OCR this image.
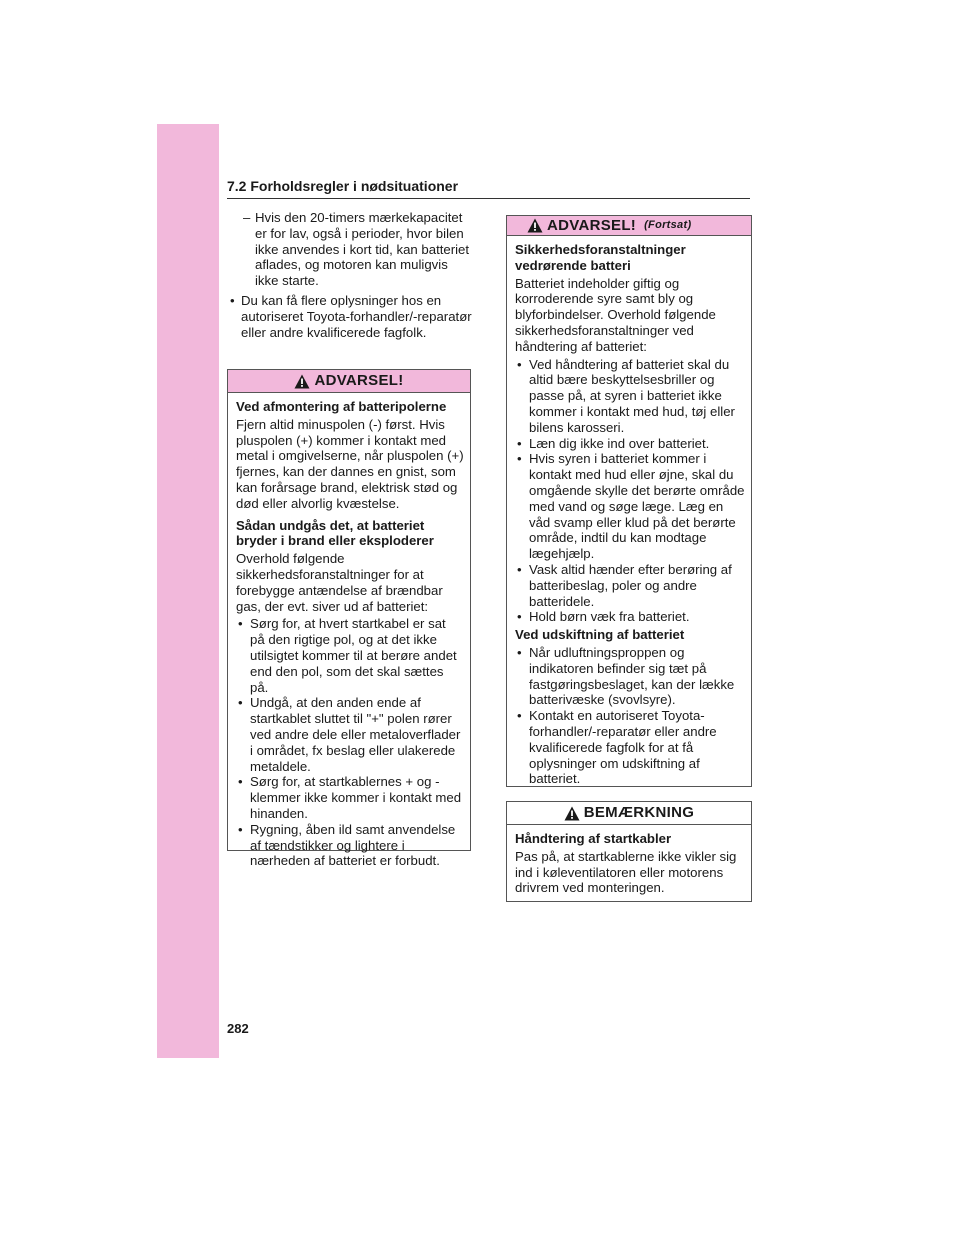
7.2 Forholdsregler i nødsituationer
– Hvis den 20-timers mærkekapacitet er for lav, også i perioder, hvor bilen ikke anvendes i kort tid, kan batteriet aflades, og motoren kan muligvis ikke starte.
• Du kan få flere oplysninger hos en autoriseret Toyota-forhandler/-reparatør eller andre kvalificerede fagfolk.
ADVARSEL!
Ved afmontering af batteripolerne
Fjern altid minuspolen (-) først. Hvis pluspolen (+) kommer i kontakt med metal i omgivelserne, når pluspolen (+) fjernes, kan der dannes en gnist, som kan forårsage brand, elektrisk stød og død eller alvorlig kvæstelse.
Sådan undgås det, at batteriet bryder i brand eller eksploderer
Overhold følgende sikkerhedsforanstaltninger for at forebygge antændelse af brændbar gas, der evt. siver ud af batteriet:
• Sørg for, at hvert startkabel er sat på den rigtige pol, og at det ikke utilsigtet kommer til at berøre andet end den pol, som det skal sættes på.
• Undgå, at den anden ende af startkablet sluttet til "+" polen rører ved andre dele eller metaloverflader i området, fx beslag eller ulakerede metaldele.
• Sørg for, at startkablernes + og - klemmer ikke kommer i kontakt med hinanden.
• Rygning, åben ild samt anvendelse af tændstikker og lightere i nærheden af batteriet er forbudt.
ADVARSEL! (Fortsat)
Sikkerhedsforanstaltninger vedrørende batteri
Batteriet indeholder giftig og korroderende syre samt bly og blyforbindelser. Overhold følgende sikkerhedsforanstaltninger ved håndtering af batteriet:
• Ved håndtering af batteriet skal du altid bære beskyttelsesbriller og passe på, at syren i batteriet ikke kommer i kontakt med hud, tøj eller bilens karosseri.
• Læn dig ikke ind over batteriet.
• Hvis syren i batteriet kommer i kontakt med hud eller øjne, skal du omgående skylle det berørte område med vand og søge læge. Læg en våd svamp eller klud på det berørte område, indtil du kan modtage lægehjælp.
• Vask altid hænder efter berøring af batteribeslag, poler og andre batteridele.
• Hold børn væk fra batteriet.
Ved udskiftning af batteriet
• Når udluftningsproppen og indikatoren befinder sig tæt på fastgøringsbeslaget, kan der lække batterivæske (svovlsyre).
• Kontakt en autoriseret Toyota-forhandler/-reparatør eller andre kvalificerede fagfolk for at få oplysninger om udskiftning af batteriet.
BEMÆRKNING
Håndtering af startkabler
Pas på, at startkablerne ikke vikler sig ind i køleventilatoren eller motorens drivrem ved monteringen.
282
